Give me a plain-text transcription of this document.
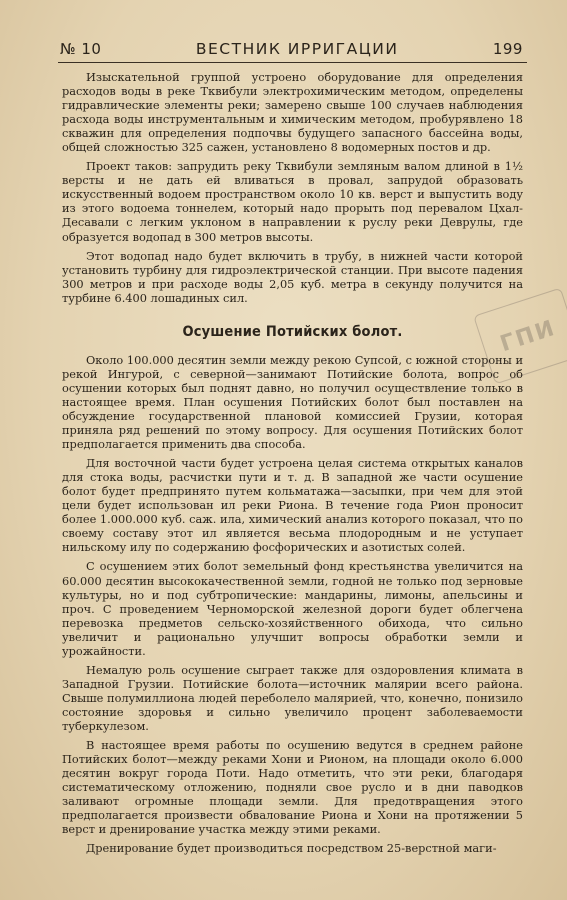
№ 10	ВЕСТНИК ИРРИГАЦИИ	199
ГПИ

Изыскательной группой устроено оборудование для определения расходов воды в реке Тквибули электрохимическим методом, определены гидравлические элементы реки; замерено свыше 100 случаев наблюдения расхода воды инструментальным и химическим методом, пробурявлено 18 скважин для определения подпочвы будущего запасного бассейна воды, общей сложностью 325 сажен, установлено 8 водомерных постов и др.

Проект таков: запрудить реку Тквибули земляным валом длиной в 1½ версты и не дать ей вливаться в провал, запрудой образовать искусственный водоем пространством около 10 кв. верст и выпустить воду из этого водоема тоннелем, который надо прорыть под перевалом Цхал-Десавали с легким уклоном в направлении к руслу реки Деврулы, где образуется водопад в 300 метров высоты.

Этот водопад надо будет включить в трубу, в нижней части которой установить турбину для гидроэлектрической станции. При высоте падения 300 метров и при расходе воды 2,05 куб. метра в секунду получится на турбине 6.400 лошадиных сил.

Осушение Потийских болот.

Около 100.000 десятин земли между рекою Супсой, с южной стороны и рекой Ингурой, с северной—занимают Потийские болота, вопрос об осушении которых был поднят давно, но получил осуществление только в настоящее время. План осушения Потийских болот был поставлен на обсуждение государственной плановой комиссией Грузии, которая приняла ряд решений по этому вопросу. Для осушения Потийских болот предполагается применить два способа.

Для восточной части будет устроена целая система открытых каналов для стока воды, расчистки пути и т. д. В западной же части осушение болот будет предпринято путем кольматажа—засыпки, при чем для этой цели будет использован ил реки Риона. В течение года Рион проносит более 1.000.000 куб. саж. ила, химический анализ которого показал, что по своему составу этот ил является весьма плодородным и не уступает нильскому илу по содержанию фосфорических и азотистых солей.

С осушением этих болот земельный фонд крестьянства увеличится на 60.000 десятин высококачественной земли, годной не только под зерновые культуры, но и под субтропические: мандарины, лимоны, апельсины и проч. С проведением Черноморской железной дороги будет облегчена перевозка предметов сельско-хозяйственного обихода, что сильно увеличит и рационально улучшит вопросы обработки земли и урожайности.

Немалую роль осушение сыграет также для оздоровления климата в Западной Грузии. Потийские болота—источник малярии всего района. Свыше полумиллиона людей переболело малярией, что, конечно, понизило состояние здоровья и сильно увеличило процент заболеваемости туберкулезом.

В настоящее время работы по осушению ведутся в среднем районе Потийских болот—между реками Хони и Рионом, на площади около 6.000 десятин вокруг города Поти. Надо отметить, что эти реки, благодаря систематическому отложению, подняли свое русло и в дни паводков заливают огромные площади земли. Для предотвращения этого предполагается произвести обвалование Риона и Хони на протяжении 5 верст и дренирование участка между этими реками.

Дренирование будет производиться посредством 25-верстной маги-
